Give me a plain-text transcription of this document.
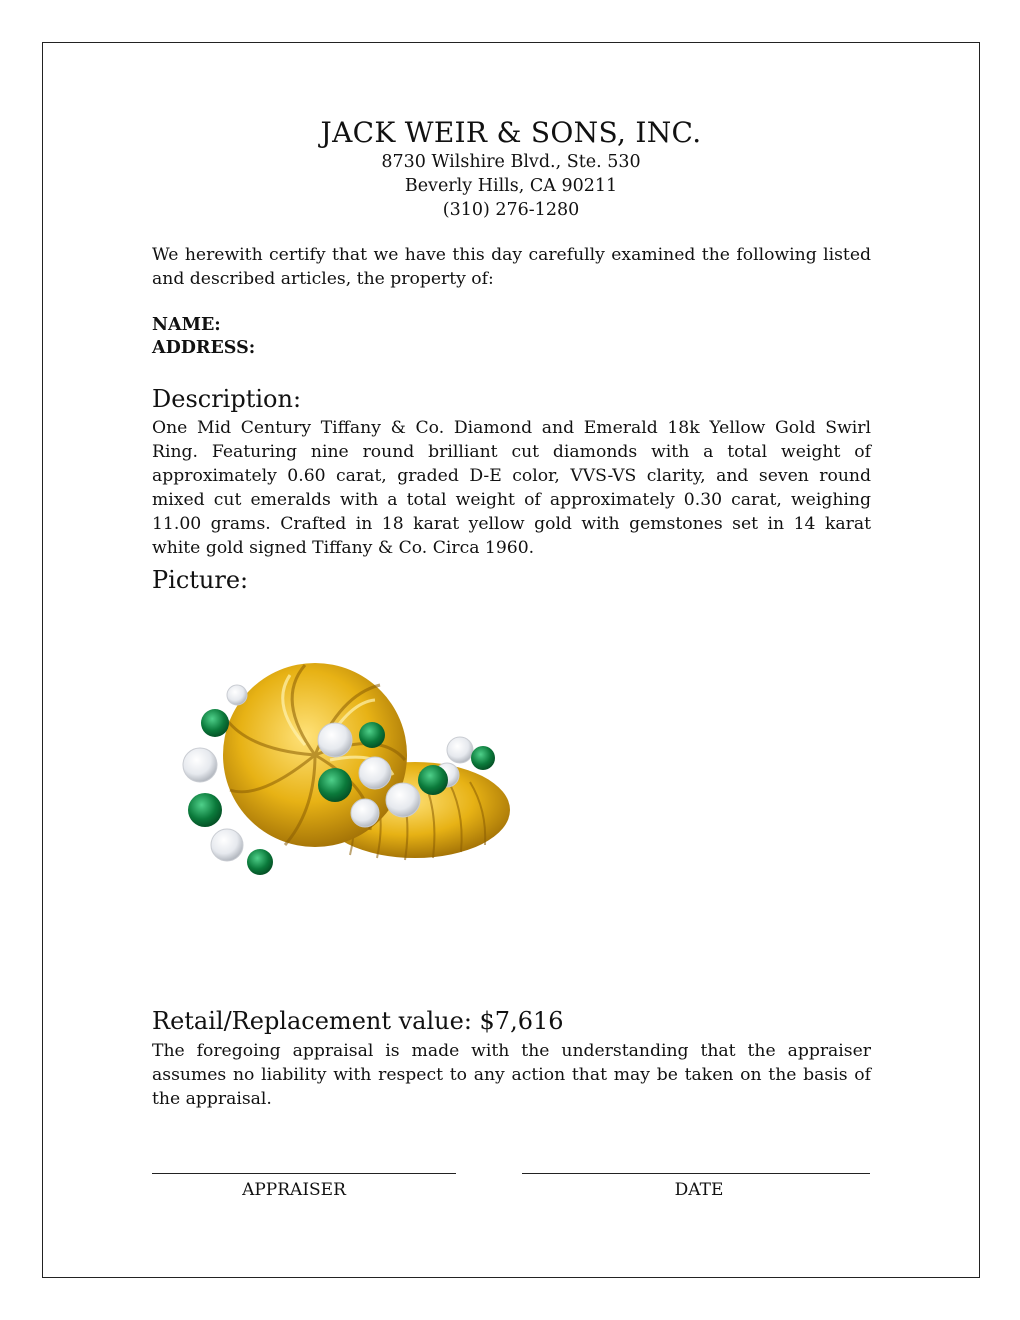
JACK WEIR & SONS, INC.
8730 Wilshire Blvd., Ste. 530
Beverly Hills, CA 90211
(310) 276-1280

We herewith certify that we have this day carefully examined the following listed and described articles, the property of:

NAME:
ADDRESS:
Description:

One Mid Century Tiffany & Co. Diamond and Emerald 18k Yellow Gold Swirl Ring. Featuring nine round brilliant cut diamonds with a total weight of approximately 0.60 carat, graded D-E color, VVS-VS clarity, and seven round mixed cut emeralds with a total weight of approximately 0.30 carat, weighing 11.00 grams. Crafted in 18 karat yellow gold with gemstones set in 14 karat white gold signed Tiffany & Co. Circa 1960.

Picture:
Retail/Replacement value: $7,616

The foregoing appraisal is made with the understanding that the appraiser assumes no liability with respect to any action that may be taken on the basis of the appraisal.

APPRAISER	DATE
